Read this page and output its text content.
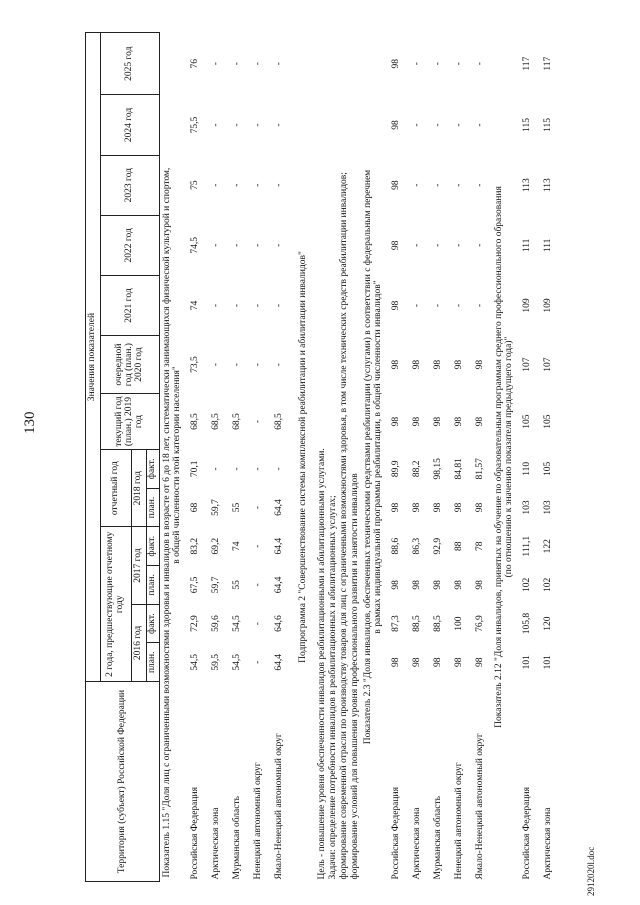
130
2912020l.doc
Территория (субъект) Российской Федерации	Значения показателей												
	2 года, предшествующие отчетному году				отчетный год		текущий год (план.) 2019 год	очередной год (план.) 2020 год	2021 год	2022 год	2023 год	2024 год	2025 год
	2016 год		2017 год		2018 год								
	план.	факт.	план.	факт.	план.	факт.							

Показатель 1.15 "Доля лиц с ограниченными возможностями здоровья и инвалидов в возрасте от 6 до 18 лет, систематически занимающихся физической культурой и спортом, в общей численности этой категории населения"													

Российская Федерация	54,5	72,9	67,5	83,2	68	70,1	68,5	73,5	74	74,5	75	75,5	76
Арктическая зона	59,5	59,6	59,7	69,2	59,7	-	68,5	-	-	-	-	-	-
Мурманская область	54,5	54,5	55	74	55	-	68,5	-	-	-	-	-	-
Ненецкий автономный округ	-	-	-	-	-	-	-	-	-	-	-	-	-
Ямало-Ненецкий автономный округ	64,4	64,6	64,4	64,4	64,4	-	68,5	-	-	-	-	-	-
Подпрограмма 2 "Совершенствование системы комплексной реабилитации и абилитации инвалидов"													

Цель - повышение уровня обеспеченности инвалидов реабилитационными и абилитационными услугами. Задачи: определение потребности инвалидов в реабилитационных и абилитационных услугах; формирование современной отрасли по производству товаров для лиц с ограниченными возможностями здоровья, в том числе технических средств реабилитации инвалидов; формирование условий для повышения уровня профессионального развития и занятости инвалидов													

Показатель 2.3 "Доля инвалидов, обеспеченных техническими средствами реабилитации (услугами) в соответствии с федеральным перечнем в рамках индивидуальной программы реабилитации, в общей численности инвалидов"													

Российская Федерация	98	87,3	98	88,6	98	89,9	98	98	98	98	98	98	98
Арктическая зона	98	88,5	98	86,3	98	88,2	98	98	-	-	-	-	-
Мурманская область	98	88,5	98	92,9	98	98,15	98	98	-	-	-	-	-
Ненецкий автономный округ	98	100	98	88	98	84,81	98	98	-	-	-	-	-
Ямало-Ненецкий автономный округ	98	76,9	98	78	98	81,57	98	98	-	-	-	-	-

Показатель 2.12 "Доля инвалидов, принятых на обучение по образовательным программам среднего профессионального образования (по отношению к значению показателя предыдущего года)"													

Российская Федерация	101	105,8	102	111,1	103	110	105	107	109	111	113	115	117
Арктическая зона	101	120	102	122	103	105	105	107	109	111	113	115	117
